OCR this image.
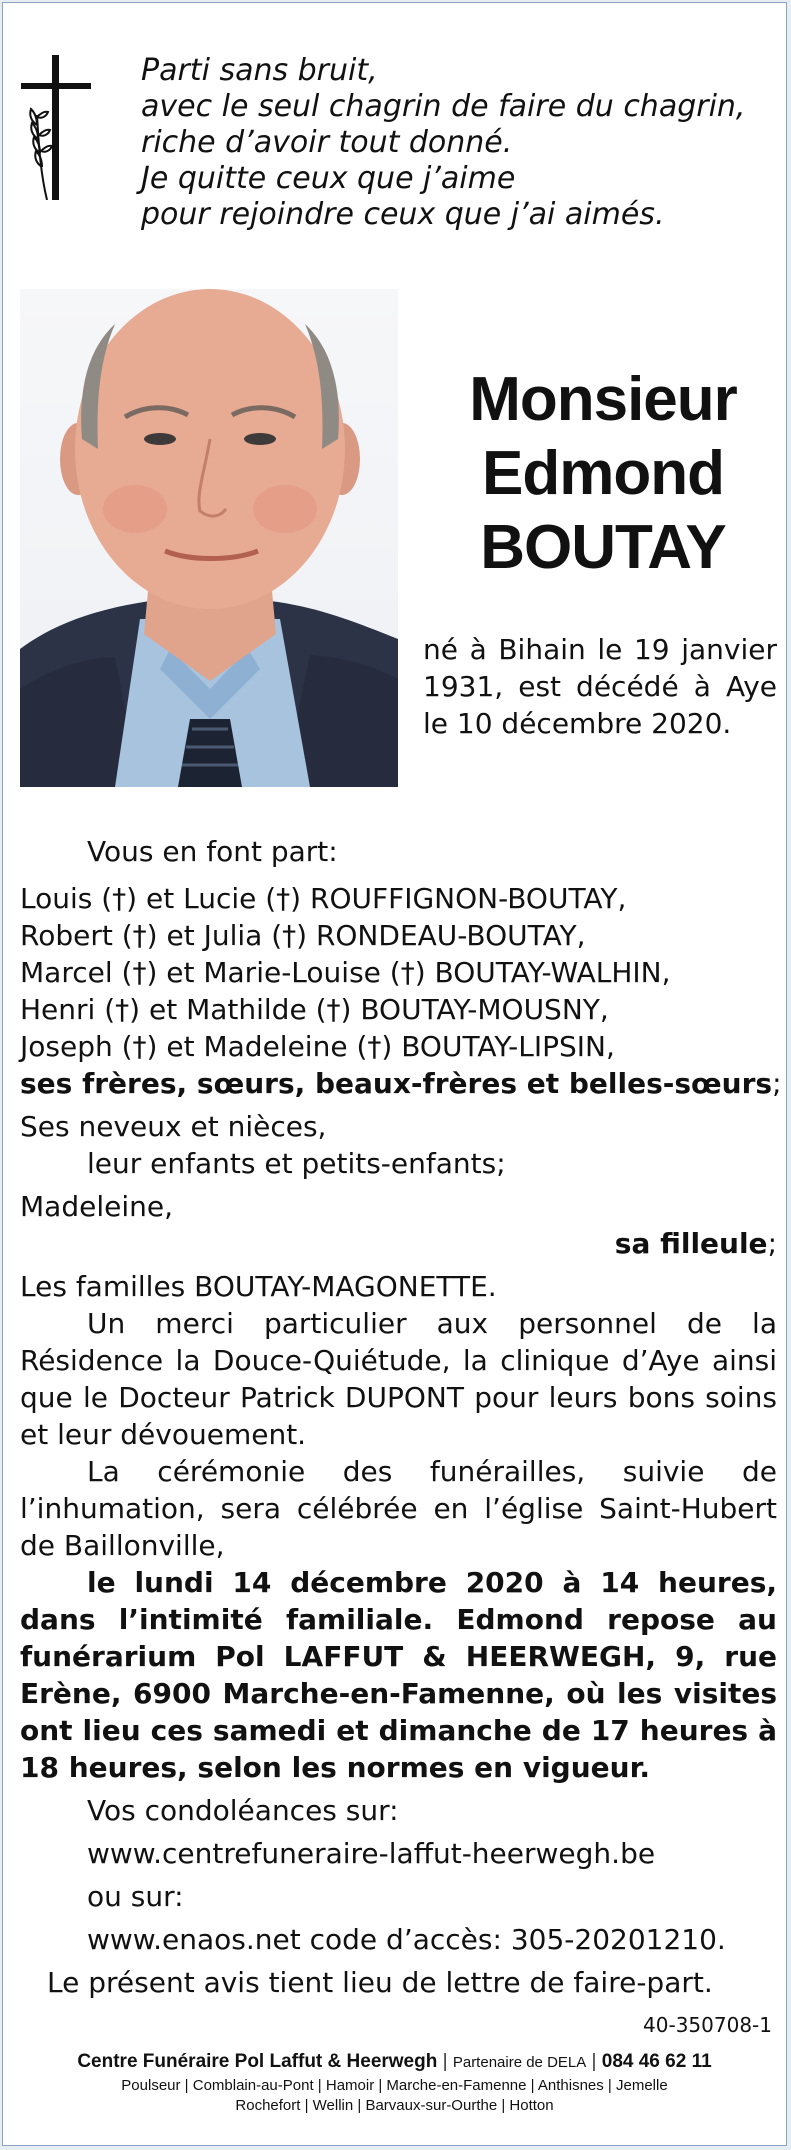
Parti sans bruit,
avec le seul chagrin de faire du chagrin,
riche d’avoir tout donné.
Je quitte ceux que j’aime
pour rejoindre ceux que j’ai aimés.
Monsieur
Edmond
BOUTAY
né à Bihain le 19 janvier 1931, est décédé à Aye le 10 décembre 2020.

Vous en font part:

Louis (†) et Lucie (†) ROUFFIGNON-BOUTAY,
Robert (†) et Julia (†) RONDEAU-BOUTAY,
Marcel (†) et Marie-Louise (†) BOUTAY-WALHIN,
Henri (†) et Mathilde (†) BOUTAY-MOUSNY,
Joseph (†) et Madeleine (†) BOUTAY-LIPSIN,
ses frères, sœurs, beaux-frères et belles-sœurs;
Ses neveux et nièces,
leur enfants et petits-enfants;
Madeleine,
sa filleule;
Les familles BOUTAY-MAGONETTE.

Un merci particulier aux personnel de la Résidence la Douce-Quiétude, la clinique d’Aye ainsi que le Docteur Patrick DUPONT pour leurs bons soins et leur dévouement.

La cérémonie des funérailles, suivie de l’inhumation, sera célébrée en l’église Saint-Hubert de Baillonville,

le lundi 14 décembre 2020 à 14 heures, dans l’intimité familiale. Edmond repose au funérarium Pol LAFFUT & HEERWEGH, 9, rue Erène, 6900 Marche-en-Famenne, où les visites ont lieu ces samedi et dimanche de 17 heures à 18 heures, selon les normes en vigueur.

Vos condoléances sur:
www.centrefuneraire-laffut-heerwegh.be
ou sur:
www.enaos.net code d’accès: 305-20201210.
Le présent avis tient lieu de lettre de faire-part.
40-350708-1
Centre Funéraire Pol Laffut & Heerwegh | Partenaire de DELA | 084 46 62 11
Poulseur | Comblain-au-Pont | Hamoir | Marche-en-Famenne | Anthisnes | Jemelle
Rochefort | Wellin | Barvaux-sur-Ourthe | Hotton
